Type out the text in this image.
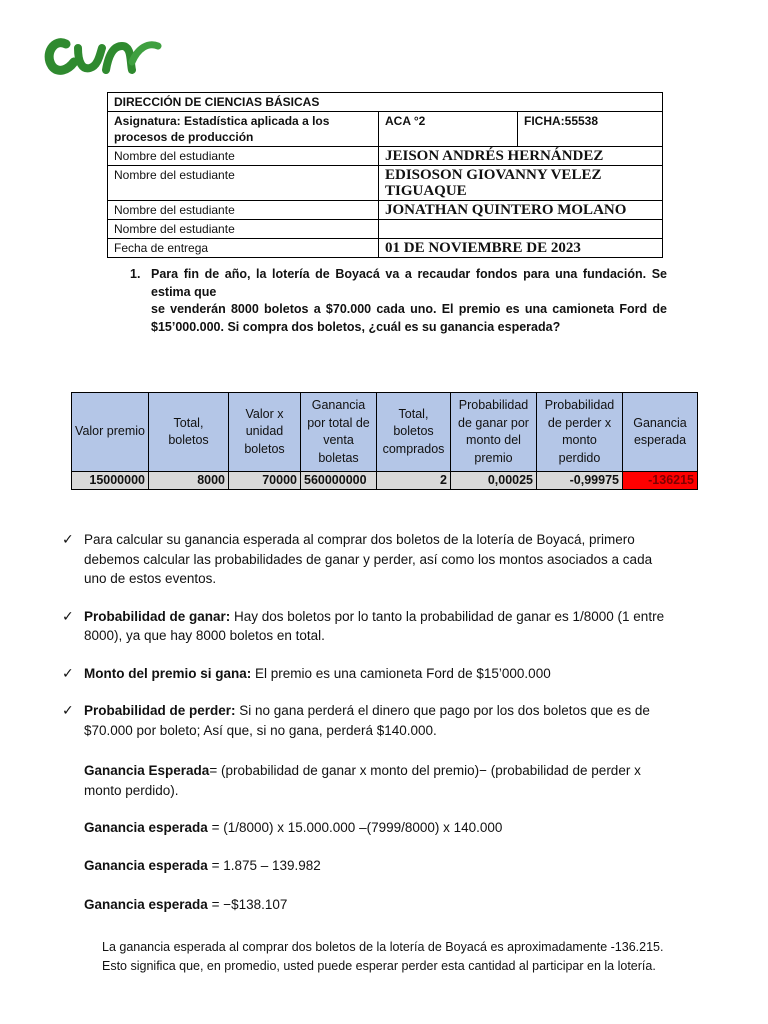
DIRECCIÓN DE CIENCIAS BÁSICAS		
Asignatura: Estadística aplicada a los procesos de producción	ACA °2	FICHA:55538
Nombre del estudiante	JEISON ANDRÉS HERNÁNDEZ	
Nombre del estudiante	EDISOSON GIOVANNY VELEZ TIGUAQUE	
Nombre del estudiante	JONATHAN QUINTERO MOLANO	
Nombre del estudiante		
Fecha de entrega	01 DE NOVIEMBRE DE 2023	
1. Para fin de año, la lotería de Boyacá va a recaudar fondos para una fundación. Se estima que
se venderán 8000 boletos a $70.000 cada uno. El premio es una camioneta Ford de $15’000.000. Si compra dos boletos, ¿cuál es su ganancia esperada?
Valor premio	Total, boletos	Valor x unidad boletos	Ganancia por total de venta boletas	Total, boletos comprados	Probabilidad de ganar por monto del premio	Probabilidad de perder x monto perdido	Ganancia esperada
15000000	8000	70000	560000000	2	0,00025	-0,99975	-136215
✓ Para calcular su ganancia esperada al comprar dos boletos de la lotería de Boyacá, primero debemos calcular las probabilidades de ganar y perder, así como los montos asociados a cada uno de estos eventos.
✓ Probabilidad de ganar: Hay dos boletos por lo tanto la probabilidad de ganar es 1/8000 (1 entre 8000), ya que hay 8000 boletos en total.
✓ Monto del premio si gana: El premio es una camioneta Ford de $15’000.000
✓ Probabilidad de perder: Si no gana perderá el dinero que pago por los dos boletos que es de $70.000 por boleto; Así que, si no gana, perderá $140.000.
Ganancia Esperada= (probabilidad de ganar x monto del premio)− (probabilidad de perder x monto perdido).
Ganancia esperada = (1/8000) x 15.000.000 –(7999/8000) x 140.000
Ganancia esperada = 1.875 – 139.982
Ganancia esperada = −$138.107
La ganancia esperada al comprar dos boletos de la lotería de Boyacá es aproximadamente -136.215. Esto significa que, en promedio, usted puede esperar perder esta cantidad al participar en la lotería.
